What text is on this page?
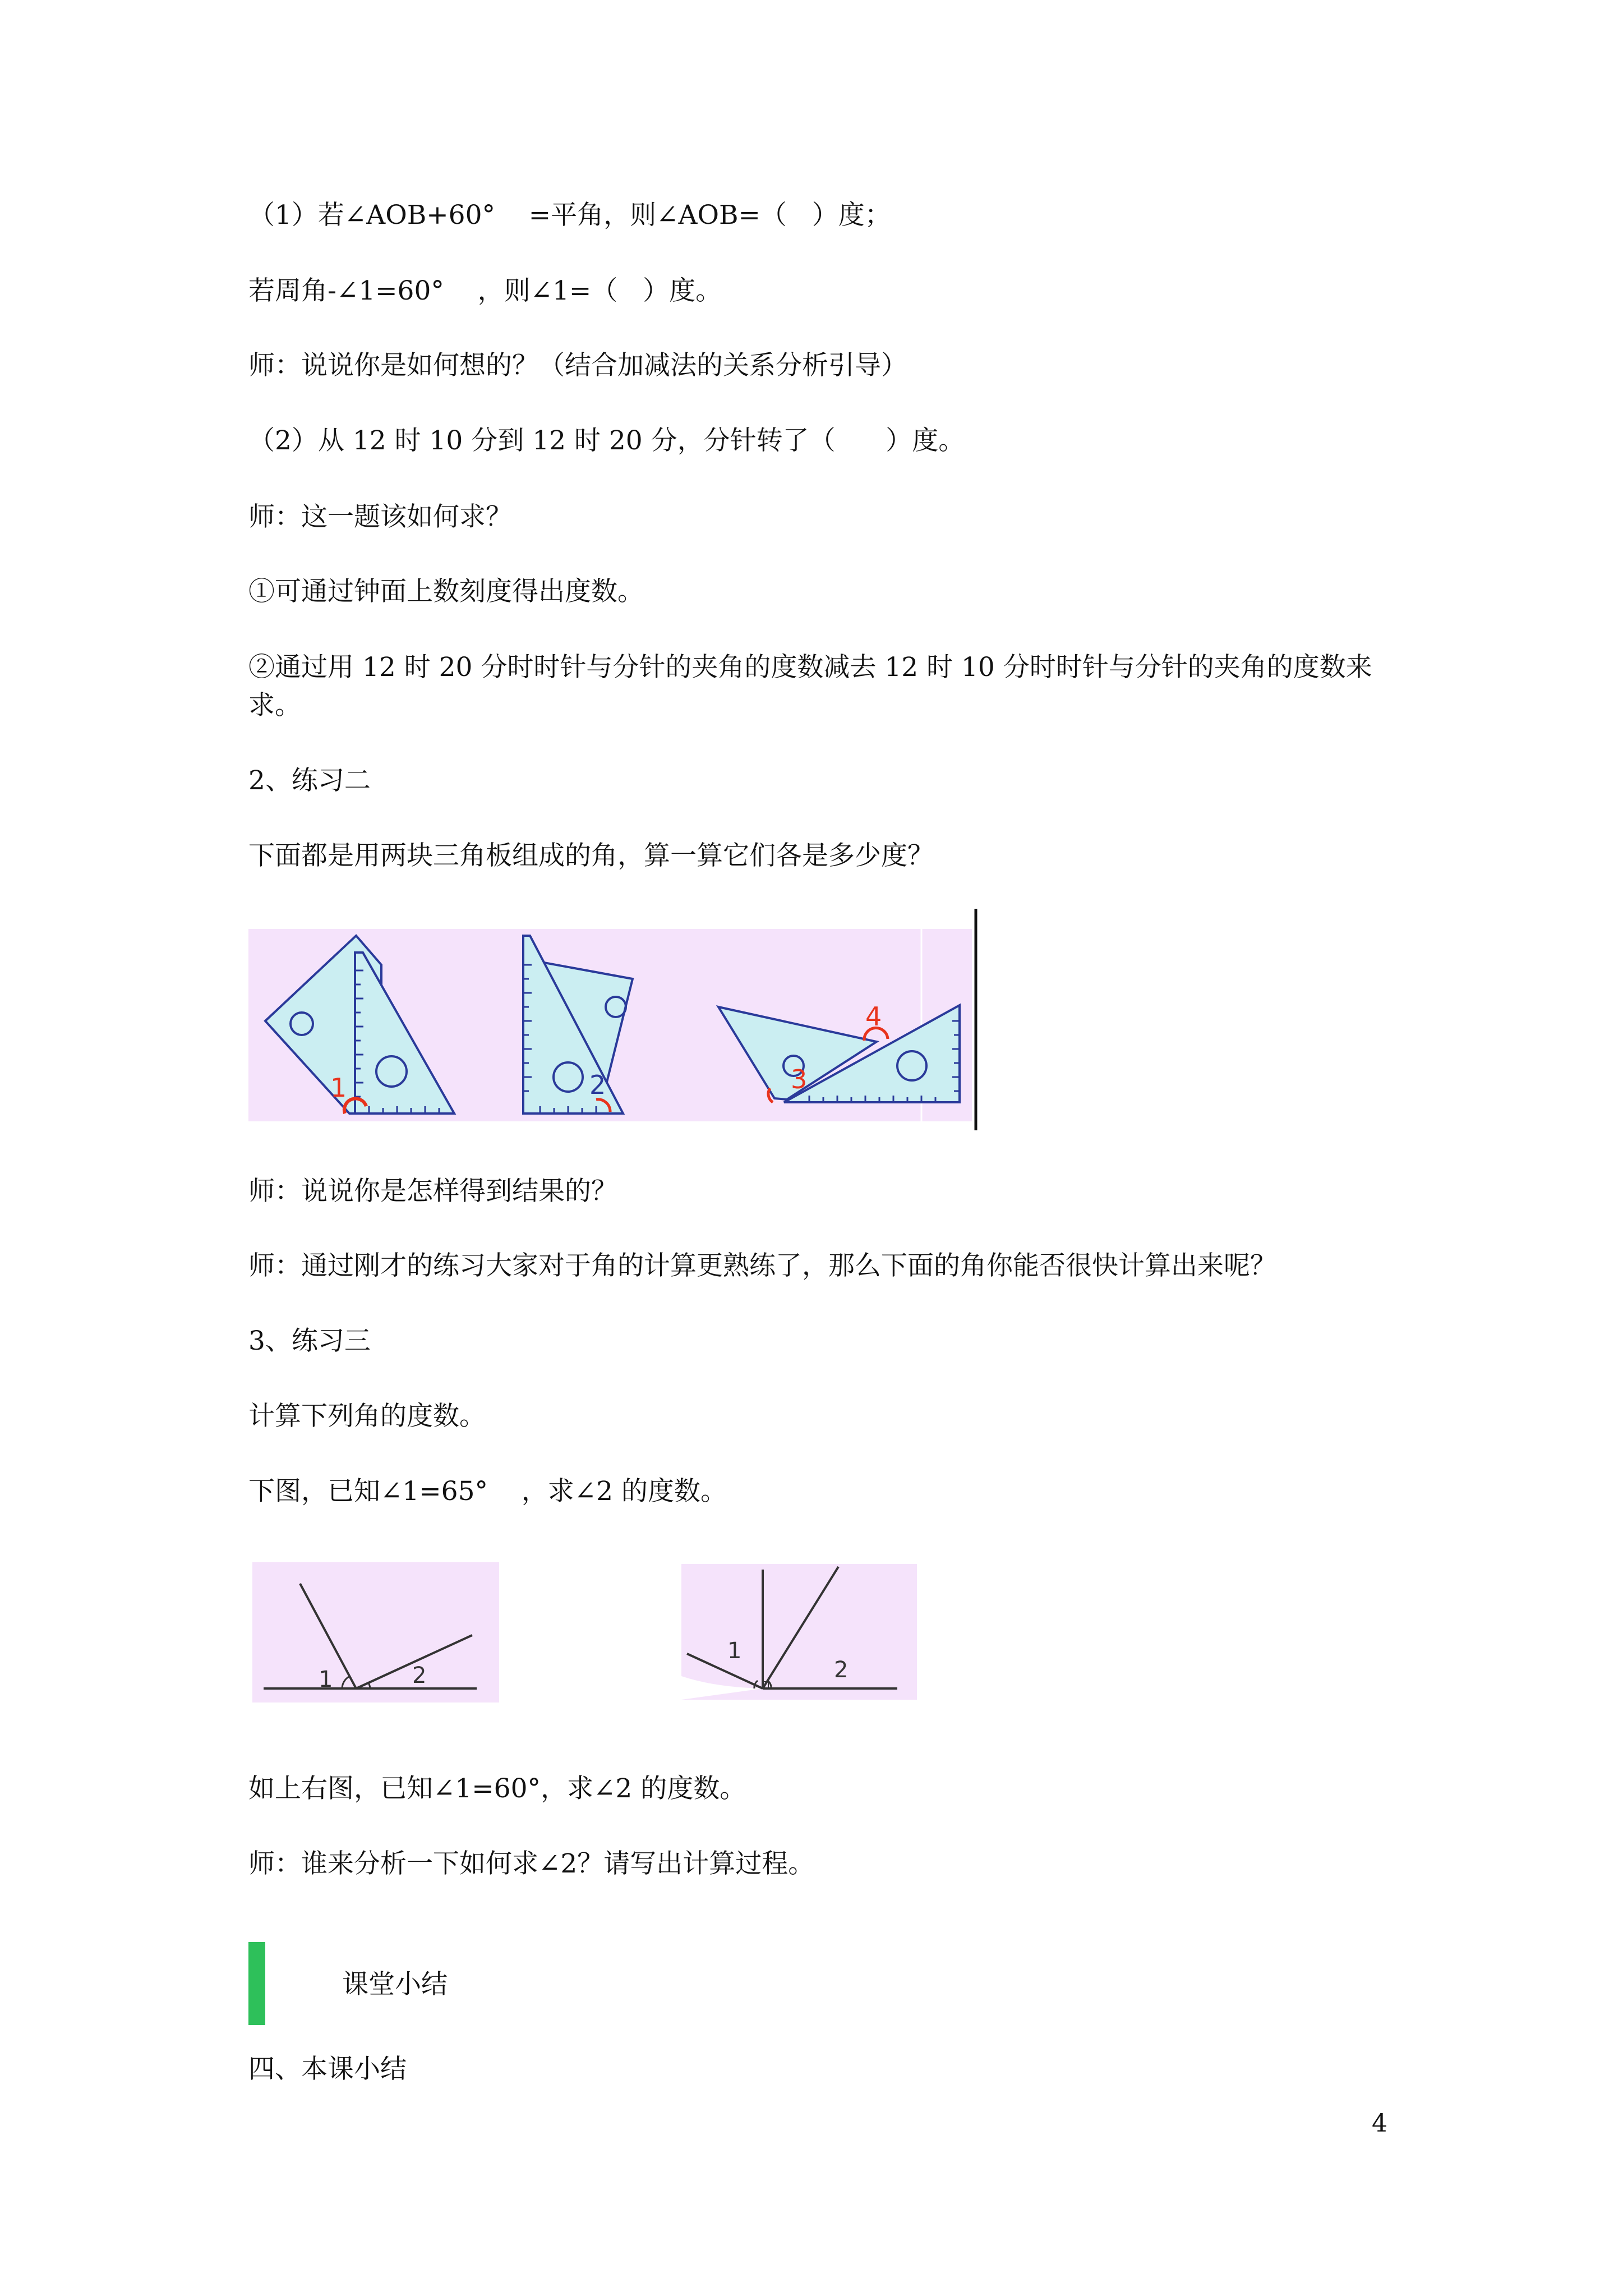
（1）若∠AOB+60°    =平角，则∠AOB=（   ）度；
若周角-∠1=60°    ，则∠1=（   ）度。
师：说说你是如何想的？（结合加减法的关系分析引导）
（2）从 12 时 10 分到 12 时 20 分，分针转了（      ）度。
师：这一题该如何求？
①可通过钟面上数刻度得出度数。
②通过用 12 时 20 分时时针与分针的夹角的度数减去 12 时 10 分时时针与分针的夹角的度数来求。
2、练习二
下面都是用两块三角板组成的角，算一算它们各是多少度？
1	2	3
4
师：说说你是怎样得到结果的？
师：通过刚才的练习大家对于角的计算更熟练了，那么下面的角你能否很快计算出来呢？
3、练习三
计算下列角的度数。
下图，已知∠1=65°    ，求∠2 的度数。
1	2
1
2
如上右图，已知∠1=60°，求∠2 的度数。
师：谁来分析一下如何求∠2？请写出计算过程。
课堂小结
四、本课小结
4
